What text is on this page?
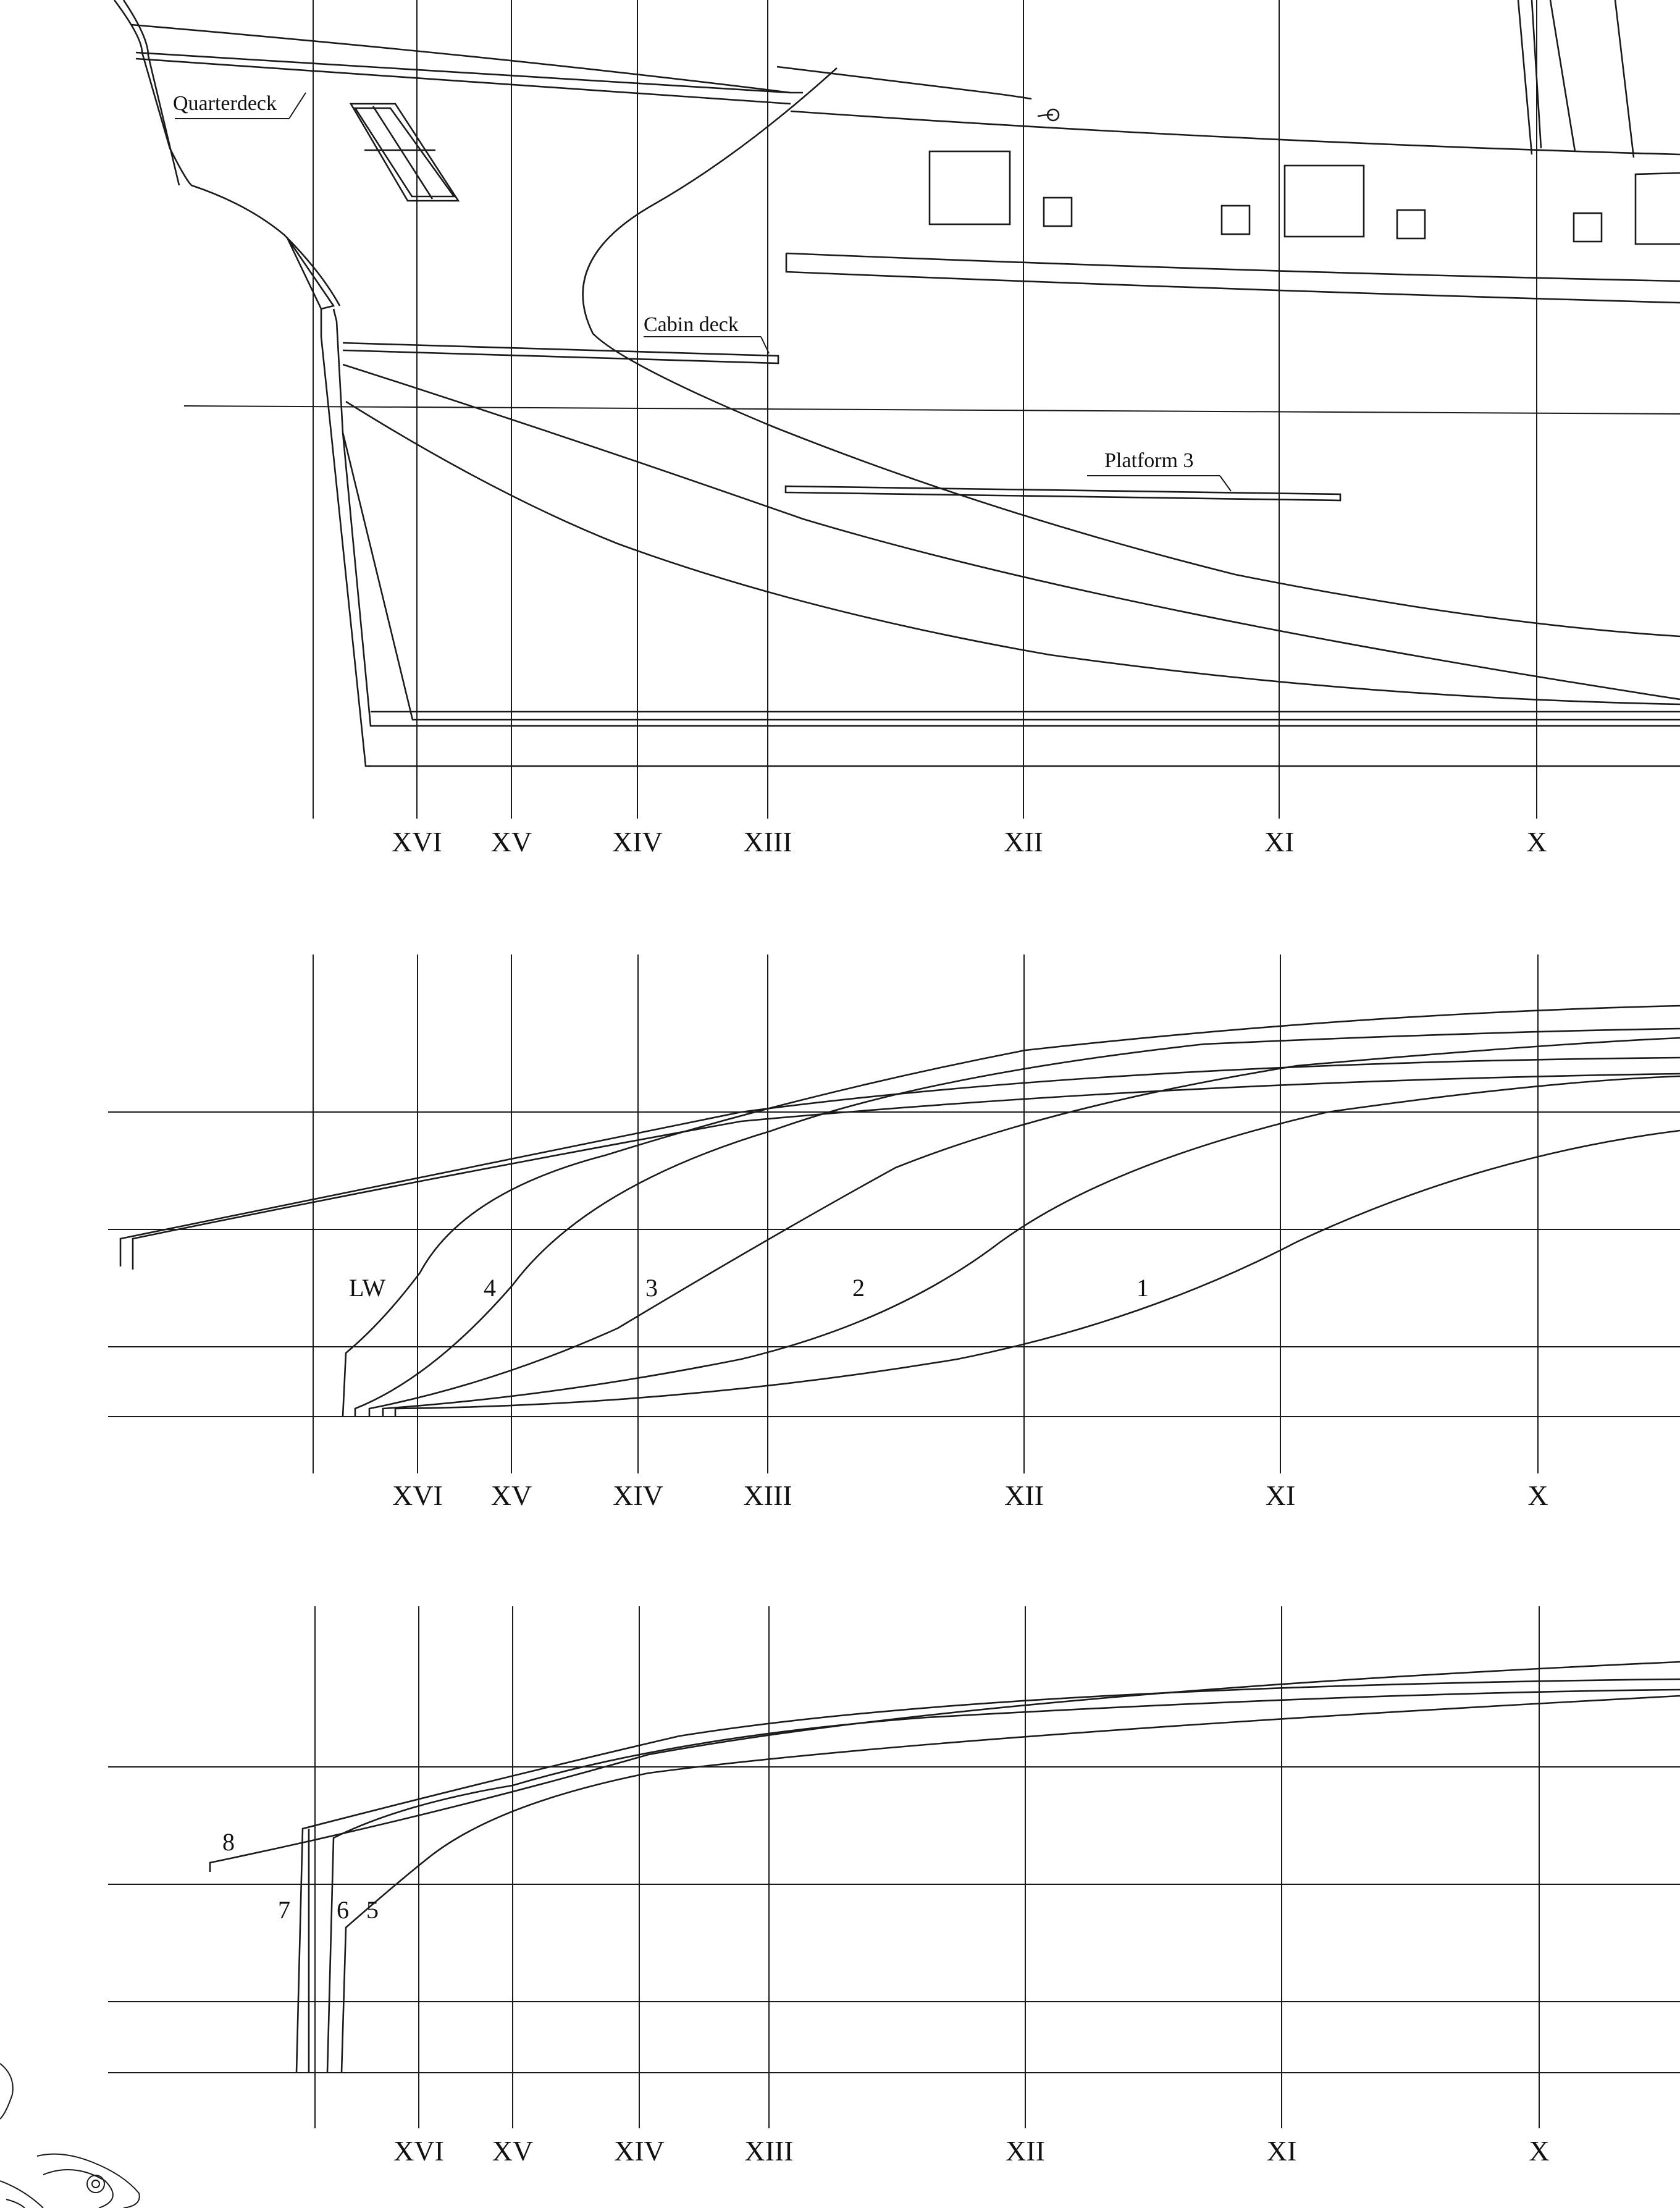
Quarterdeck
Cabin deck
Platform 3
XVI XV	XIV	XIII	XII	XI	X
LW	4	3	2	1
XVI XV	XIV	XIII	XII	XI	X
8
7 6 5
XVI XV	XIV	XIII	XII	XI	X
